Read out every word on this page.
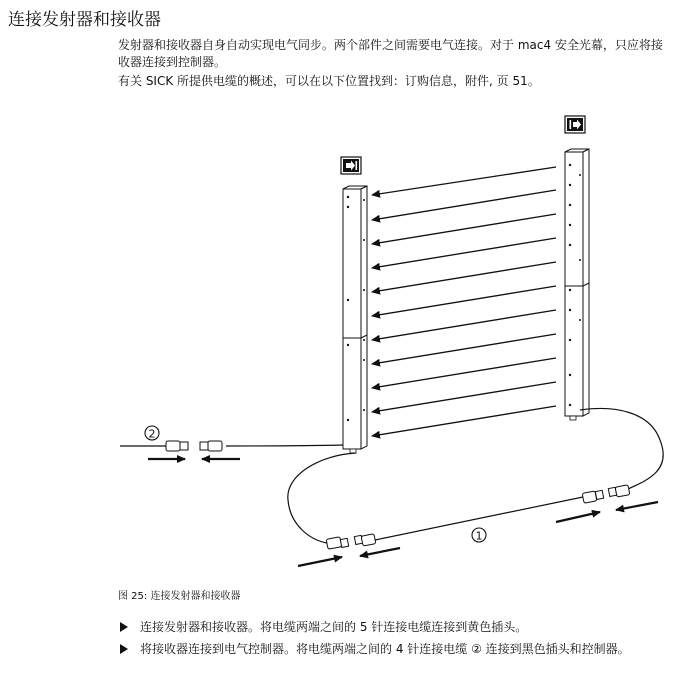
连接发射器和接收器

发射器和接收器自身自动实现电气同步。两个部件之间需要电气连接。对于 mac4 安全光幕，只应将接收器连接到控制器。

有关 SICK 所提供电缆的概述，可以在以下位置找到：订购信息，附件, 页 51。

2
1

图 25: 连接发射器和接收器

连接发射器和接收器。将电缆两端之间的 5 针连接电缆连接到黄色插头。
将接收器连接到电气控制器。将电缆两端之间的 4 针连接电缆 ② 连接到黑色插头和控制器。
